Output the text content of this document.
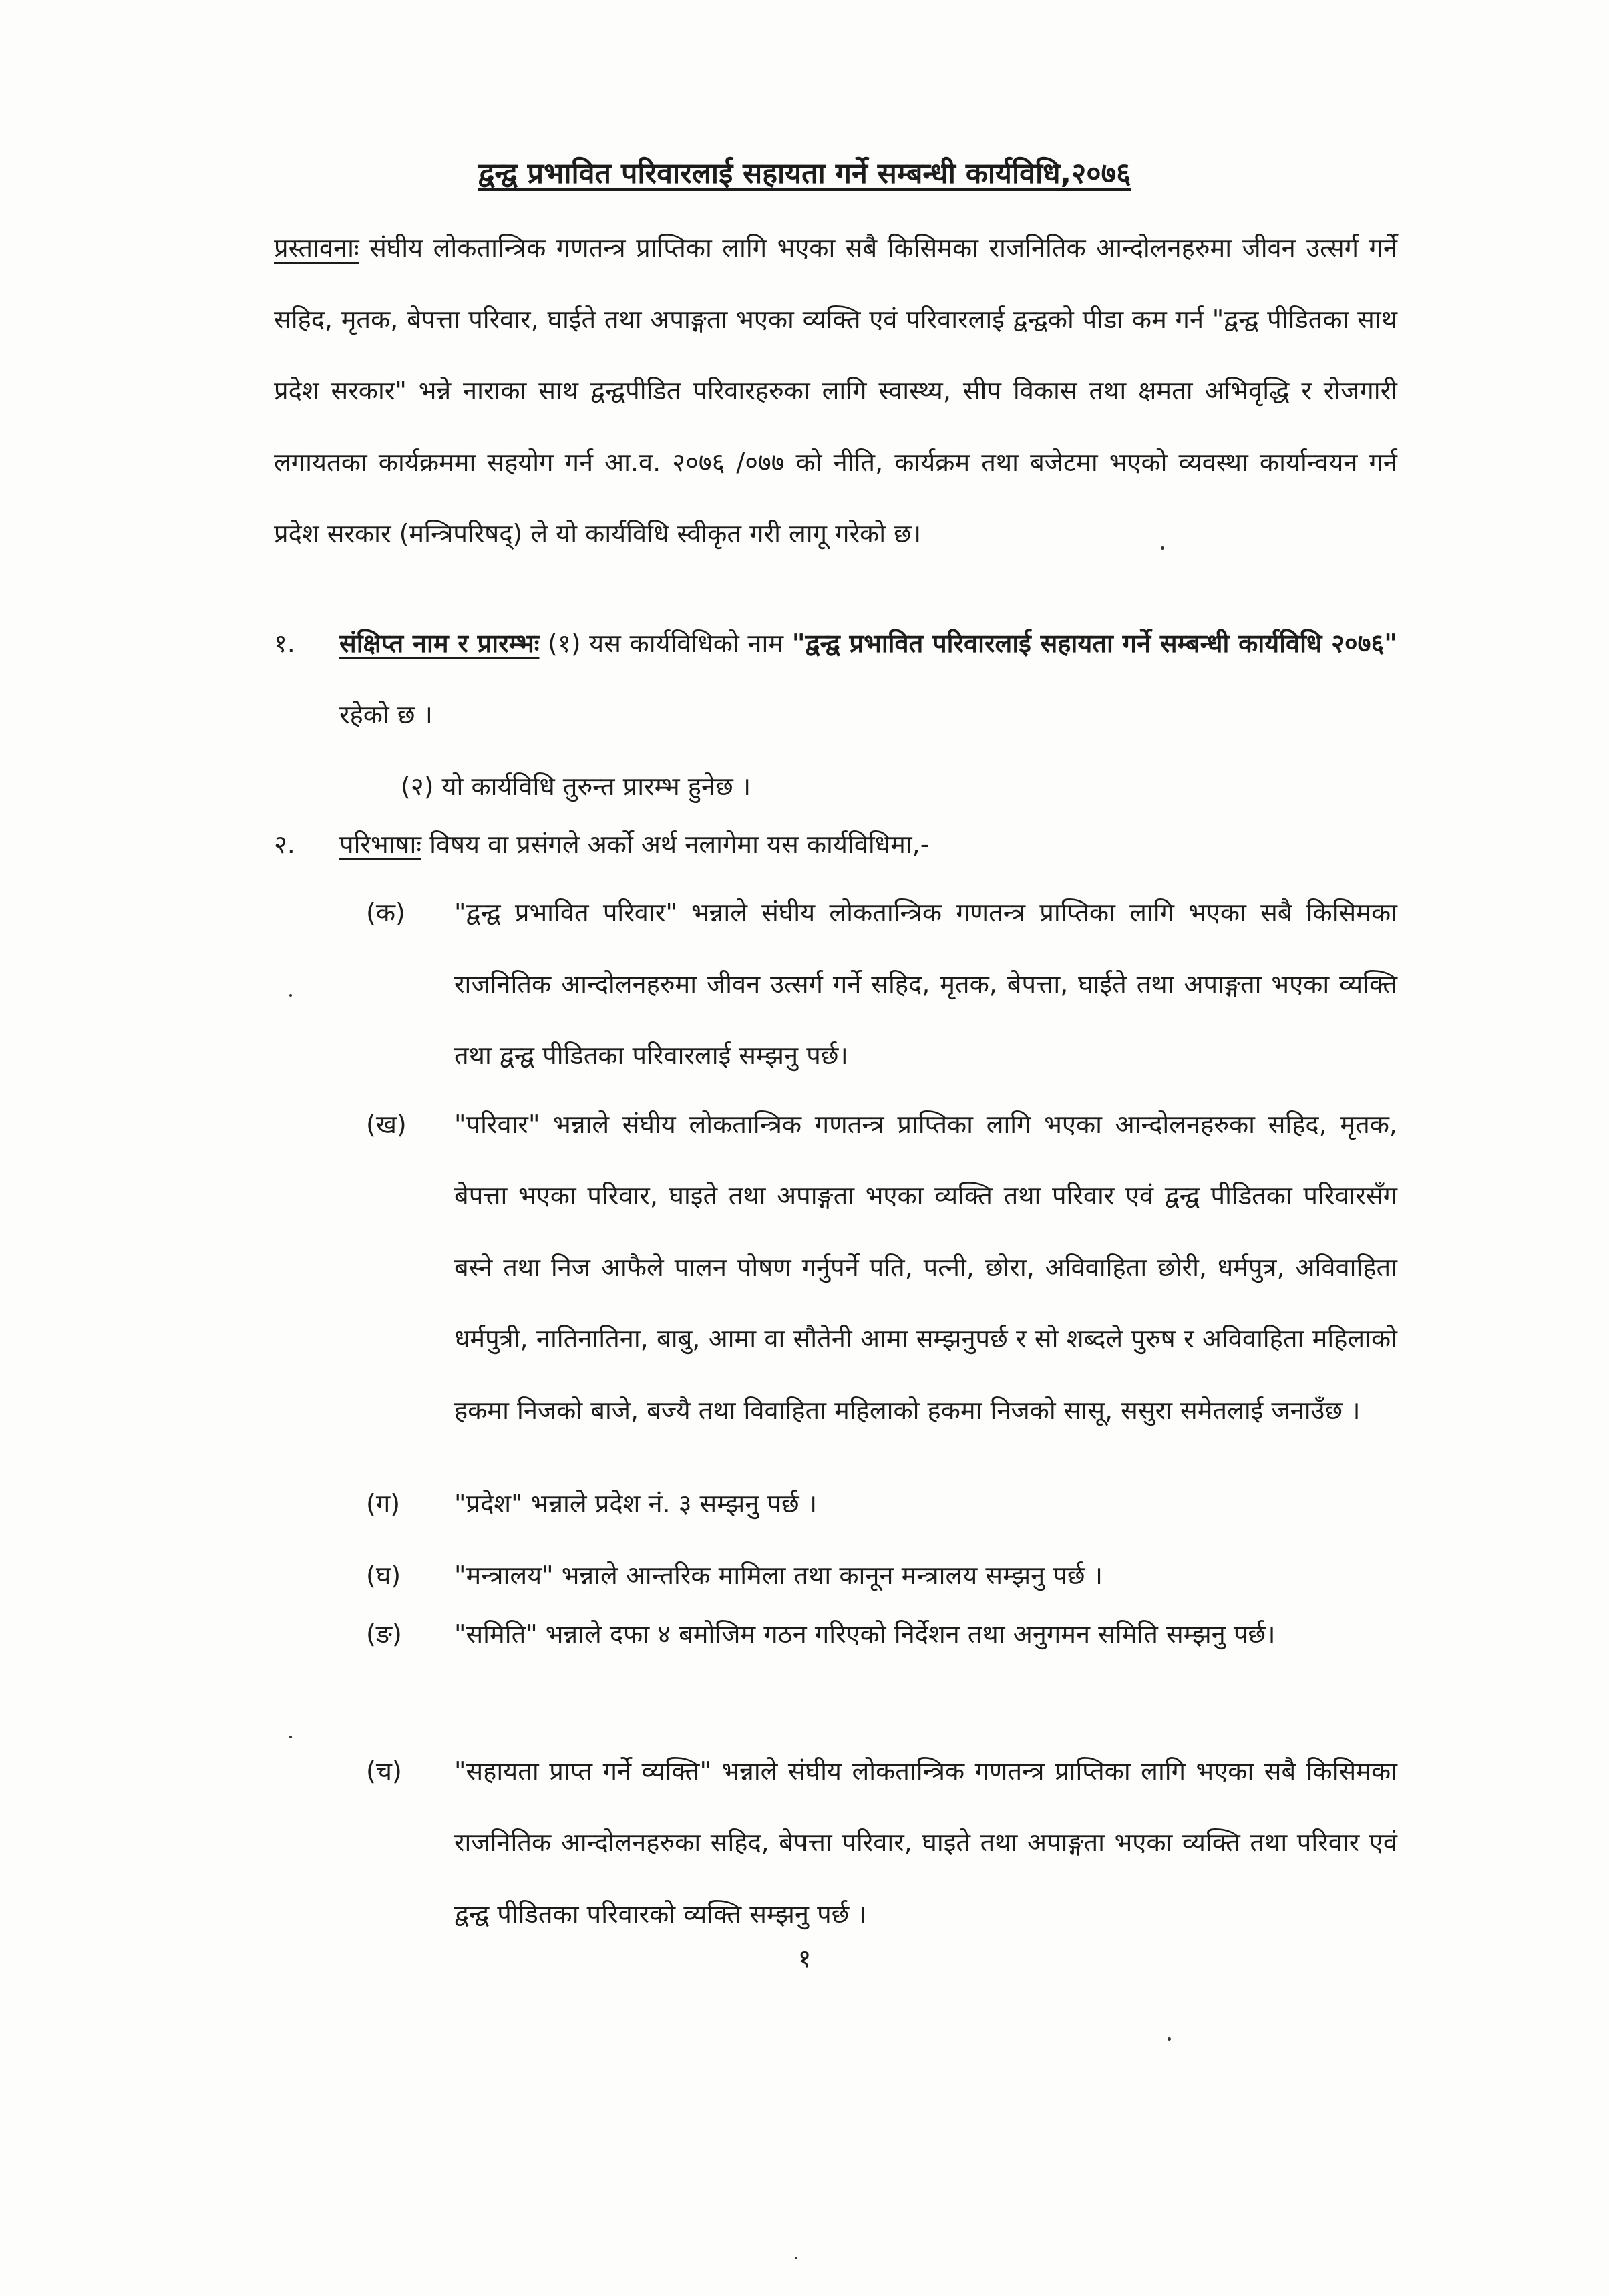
द्वन्द्व प्रभावित परिवारलाई सहायता गर्ने सम्बन्धी कार्यविधि,२०७६
प्रस्तावनाः संघीय लोकतान्त्रिक गणतन्त्र प्राप्तिका लागि भएका सबै किसिमका राजनितिक आन्दोलनहरुमा जीवन उत्सर्ग गर्ने सहिद, मृतक, बेपत्ता परिवार, घाईते तथा अपाङ्गता भएका व्यक्ति एवं परिवारलाई द्वन्द्वको पीडा कम गर्न "द्वन्द्व पीडितका साथ प्रदेश सरकार" भन्ने नाराका साथ द्वन्द्वपीडित परिवारहरुका लागि स्वास्थ्य, सीप विकास तथा क्षमता अभिवृद्धि र रोजगारी लगायतका कार्यक्रममा सहयोग गर्न आ.व. २०७६ /०७७ को नीति, कार्यक्रम तथा बजेटमा भएको व्यवस्था कार्यान्वयन गर्न प्रदेश सरकार (मन्त्रिपरिषद्) ले यो कार्यविधि स्वीकृत गरी लागू गरेको छ।
१. संक्षिप्त नाम र प्रारम्भः (१) यस कार्यविधिको नाम "द्वन्द्व प्रभावित परिवारलाई सहायता गर्ने सम्बन्धी कार्यविधि २०७६" रहेको छ ।
(२) यो कार्यविधि तुरुन्त प्रारम्भ हुनेछ ।
२. परिभाषाः विषय वा प्रसंगले अर्को अर्थ नलागेमा यस कार्यविधिमा,-
(क) "द्वन्द्व प्रभावित परिवार" भन्नाले संघीय लोकतान्त्रिक गणतन्त्र प्राप्तिका लागि भएका सबै किसिमका राजनितिक आन्दोलनहरुमा जीवन उत्सर्ग गर्ने सहिद, मृतक, बेपत्ता, घाईते तथा अपाङ्गता भएका व्यक्ति तथा द्वन्द्व पीडितका परिवारलाई सम्झनु पर्छ।
(ख) "परिवार" भन्नाले संघीय लोकतान्त्रिक गणतन्त्र प्राप्तिका लागि भएका आन्दोलनहरुका सहिद, मृतक, बेपत्ता भएका परिवार, घाइते तथा अपाङ्गता भएका व्यक्ति तथा परिवार एवं द्वन्द्व पीडितका परिवारसँग बस्ने तथा निज आफैले पालन पोषण गर्नुपर्ने पति, पत्नी, छोरा, अविवाहिता छोरी, धर्मपुत्र, अविवाहिता धर्मपुत्री, नातिनातिना, बाबु, आमा वा सौतेनी आमा सम्झनुपर्छ र सो शब्दले पुरुष र अविवाहिता महिलाको हकमा निजको बाजे, बज्यै तथा विवाहिता महिलाको हकमा निजको सासू, ससुरा समेतलाई जनाउँछ ।
(ग) "प्रदेश" भन्नाले प्रदेश नं. ३ सम्झनु पर्छ ।
(घ) "मन्त्रालय" भन्नाले आन्तरिक मामिला तथा कानून मन्त्रालय सम्झनु पर्छ ।
(ङ) "समिति" भन्नाले दफा ४ बमोजिम गठन गरिएको निर्देशन तथा अनुगमन समिति सम्झनु पर्छ।
(च) "सहायता प्राप्त गर्ने व्यक्ति" भन्नाले संघीय लोकतान्त्रिक गणतन्त्र प्राप्तिका लागि भएका सबै किसिमका राजनितिक आन्दोलनहरुका सहिद, बेपत्ता परिवार, घाइते तथा अपाङ्गता भएका व्यक्ति तथा परिवार एवं द्वन्द्व पीडितका परिवारको व्यक्ति सम्झनु पर्छ ।
१
